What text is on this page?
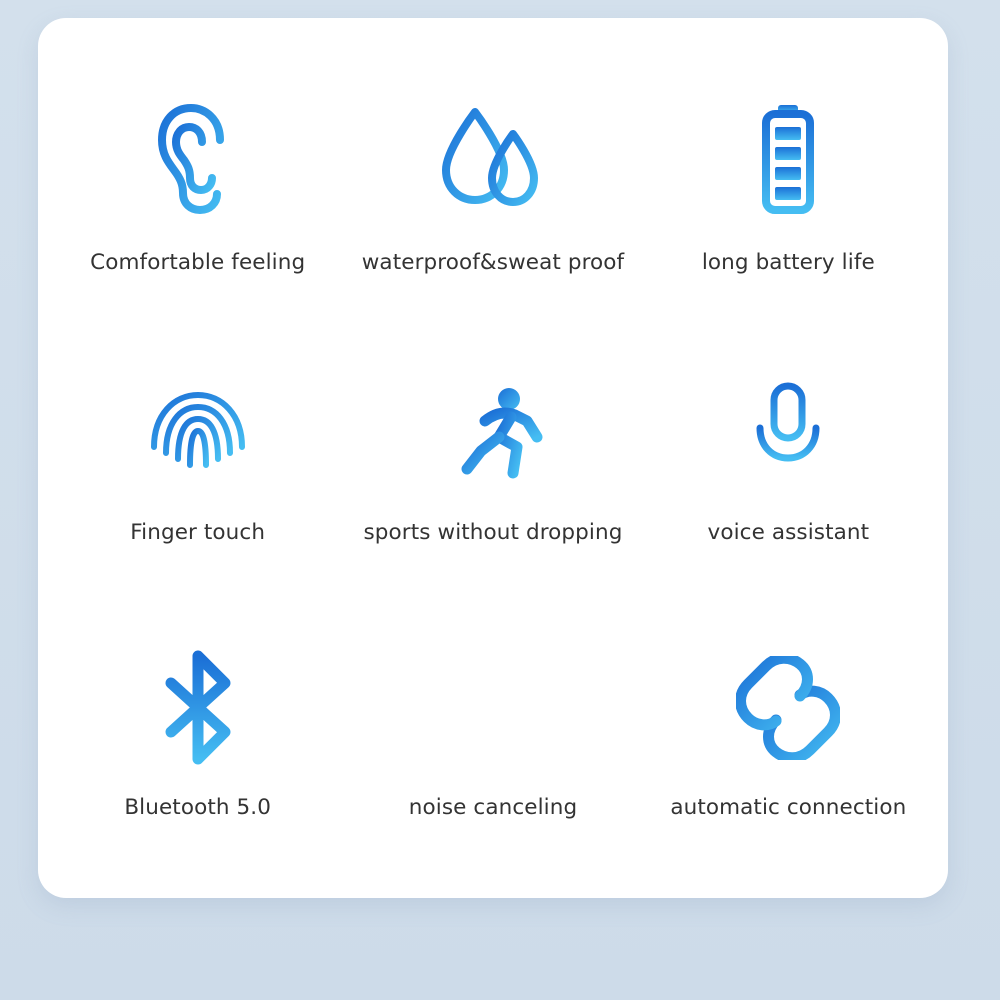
Comfortable feeling	waterproof&sweat proof	long battery life
Finger touch	sports without dropping	voice assistant
Bluetooth 5.0	noise canceling	automatic connection
